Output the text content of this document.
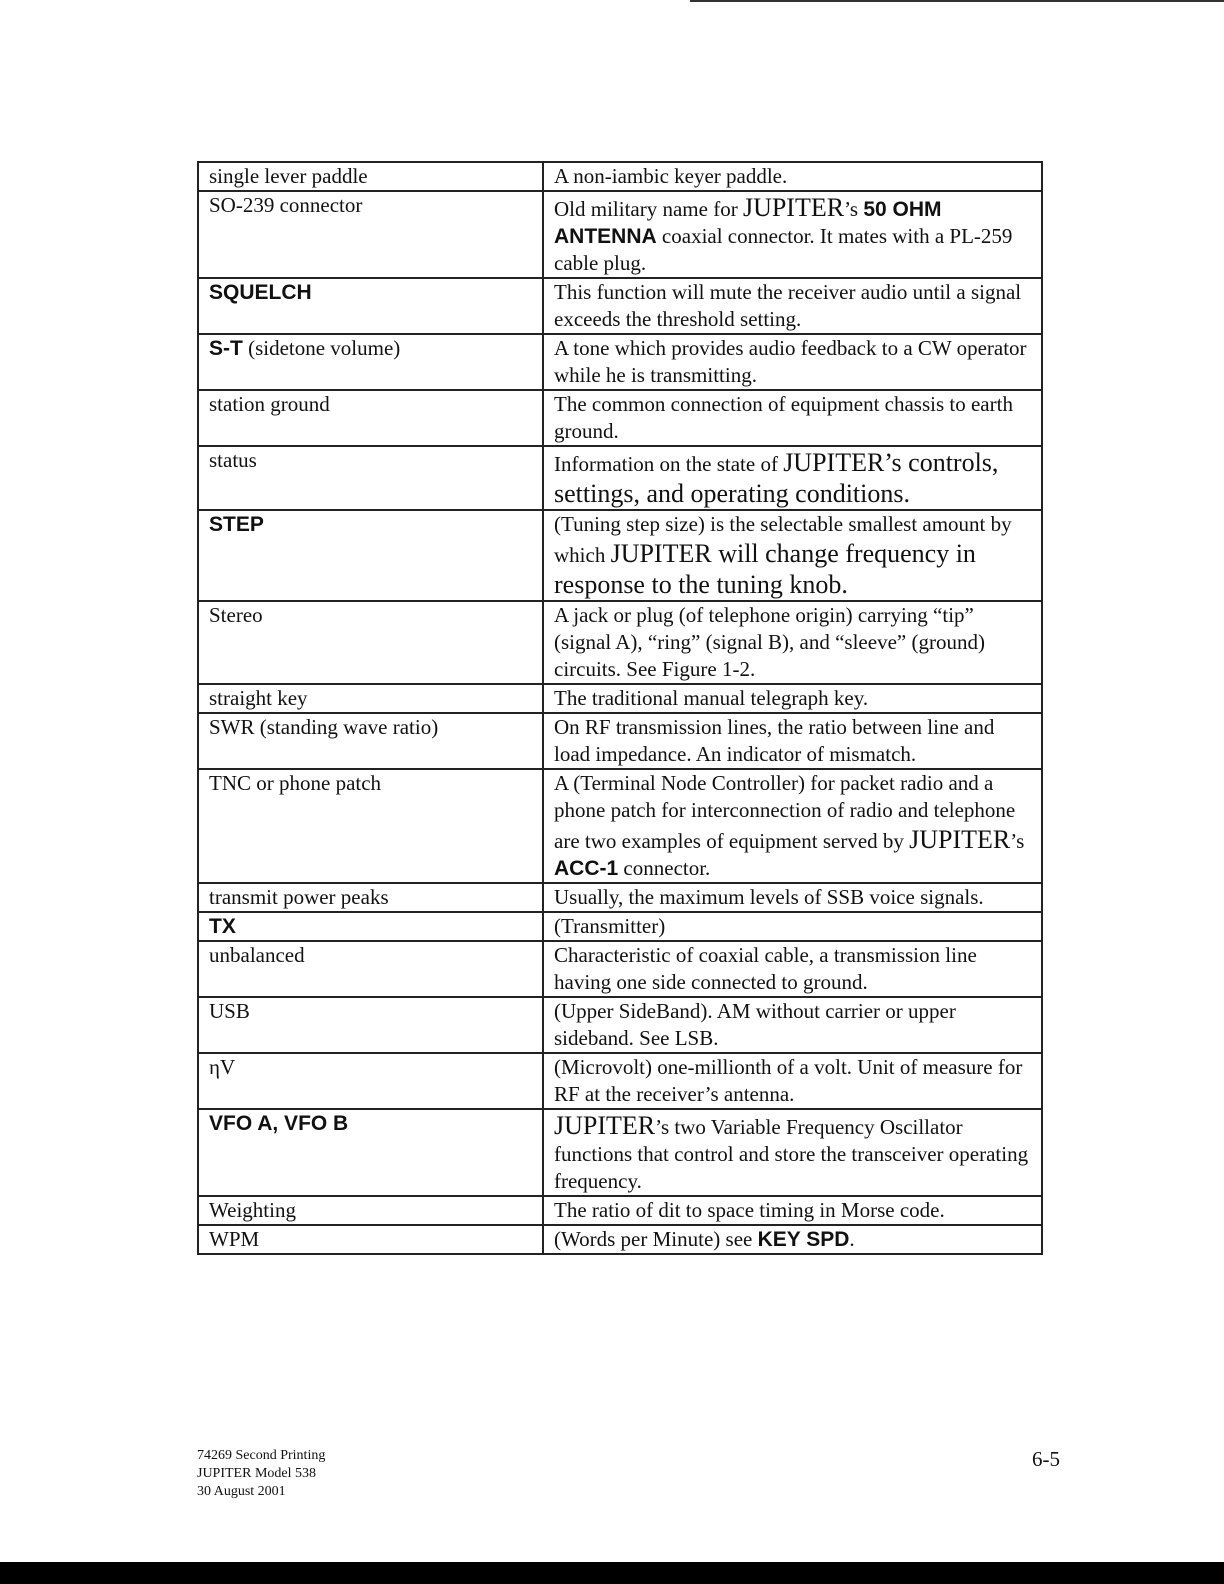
single lever paddle	A non-iambic keyer paddle.
SO-239 connector	Old military name for JUPITER’s 50 OHM ANTENNA coaxial connector. It mates with a PL-259 cable plug.
SQUELCH	This function will mute the receiver audio until a signal exceeds the threshold setting.
S-T (sidetone volume)	A tone which provides audio feedback to a CW operator while he is transmitting.
station ground	The common connection of equipment chassis to earth ground.
status	Information on the state of JUPITER’s controls, settings, and operating conditions.
STEP	(Tuning step size) is the selectable smallest amount by which JUPITER will change frequency in response to the tuning knob.
Stereo	A jack or plug (of telephone origin) carrying “tip” (signal A), “ring” (signal B), and “sleeve” (ground) circuits. See Figure 1-2.
straight key	The traditional manual telegraph key.
SWR (standing wave ratio)	On RF transmission lines, the ratio between line and load impedance. An indicator of mismatch.
TNC or phone patch	A (Terminal Node Controller) for packet radio and a phone patch for interconnection of radio and telephone are two examples of equipment served by JUPITER’s ACC-1 connector.
transmit power peaks	Usually, the maximum levels of SSB voice signals.
TX	(Transmitter)
unbalanced	Characteristic of coaxial cable, a transmission line having one side connected to ground.
USB	(Upper SideBand). AM without carrier or upper sideband. See LSB.
ηV	(Microvolt) one-millionth of a volt. Unit of measure for RF at the receiver’s antenna.
VFO A, VFO B	JUPITER’s two Variable Frequency Oscillator functions that control and store the transceiver operating frequency.
Weighting	The ratio of dit to space timing in Morse code.
WPM	(Words per Minute) see KEY SPD.
74269 Second Printing
JUPITER Model 538
30 August 2001
6-5
